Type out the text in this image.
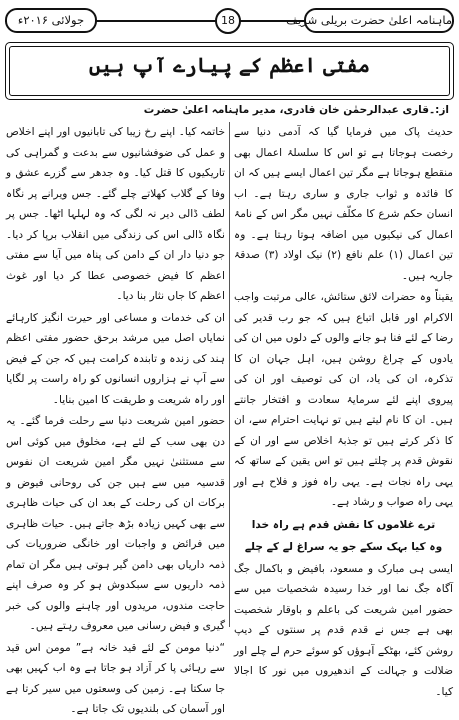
ماہنامہ اعلیٰ حضرت بریلی شریف
18
جولائی ۲۰۱۶ء
مفتی اعظم کے پیارے آپ ہیں
از:۔قاری عبدالرحمٰن خان قادری، مدیر ماہنامہ اعلیٰ حضرت

حدیث پاک میں فرمایا گیا کہ آدمی دنیا سے رخصت ہوجاتا ہے تو اس کا سلسلۂ اعمال بھی منقطع ہوجاتا ہے مگر تین اعمال ایسے ہیں کہ ان کا فائدہ و ثواب جاری و ساری رہتا ہے۔ اب انسان حکم شرع کا مکلّف نہیں مگر اس کے نامۂ اعمال کی نیکیوں میں اضافہ ہوتا رہتا ہے۔ وہ تین اعمال (۱) علم نافع (۲) نیک اولاد (۳) صدقۂ جاریہ ہیں۔

یقیناً وہ حضرات لائق ستائش، عالی مرتبت واجب الاکرام اور قابل اتباع ہیں کہ جو رب قدیر کی رضا کے لئے فنا ہو جانے والوں کے دلوں میں ان کی یادوں کے چراغ روشن ہیں، اہل جہان ان کا تذکرہ، ان کی یاد، ان کی توصیف اور ان کی پیروی اپنے لئے سرمایۂ سعادت و افتخار جانتے ہیں۔ ان کا نام لیتے ہیں تو نہایت احترام سے، ان کا ذکر کرتے ہیں تو جذبۂ اخلاص سے اور ان کے نقوش قدم پر چلتے ہیں تو اس یقین کے ساتھ کہ یہی راہ نجات ہے۔ یہی راہ فوز و فلاح ہے اور یہی راہ صواب و رشاد ہے۔

ترے غلاموں کا نقش قدم ہے راہ خدا

وہ کیا بہک سکے جو یہ سراغ لے کے چلے

ایسی ہی مبارک و مسعود، بافیض و باکمال جگ آگاہ جگ نما اور خدا رسیدہ شخصیات میں سے حضور امین شریعت کی باعلم و باوقار شخصیت بھی ہے جس نے قدم قدم پر سنتوں کے دیپ روشن کئے، بھٹکے آہوؤں کو سوئے حرم لے چلے اور ضلالت و جہالت کے اندھیروں میں نور کا اجالا کیا۔

خاتمہ کیا۔ اپنے رخ زیبا کی تابانیوں اور اپنے اخلاص و عمل کی ضوفشانیوں سے بدعت و گمراہی کی تاریکیوں کا قتل کیا۔ وہ جدھر سے گزرے عشق و وفا کے گلاب کھلاتے چلے گئے۔ جس ویرانے پر نگاہ لطف ڈالی دیر نہ لگی کہ وہ لہلہا اٹھا۔ جس پر نگاہ ڈالی اس کی زندگی میں انقلاب برپا کر دیا۔ جو دنیا دار ان کے دامن کی پناہ میں آیا سے مفتی اعظم کا فیض خصوصی عطا کر دیا اور غوث اعظم کا جاں نثار بنا دیا۔

ان کی خدمات و مساعی اور حیرت انگیز کارہائے نمایاں اصل میں مرشد برحق حضور مفتی اعظم ہند کی زندہ و تابندہ کرامت ہیں کہ جن کے فیض سے آپ نے ہزاروں انسانوں کو راہ راست پر لگایا اور راہ شریعت و طریقت کا امین بنایا۔

حضور امین شریعت دنیا سے رحلت فرما گئے۔ یہ دن بھی سب کے لئے ہے، مخلوق میں کوئی اس سے مستثنیٰ نہیں مگر امین شریعت ان نفوس قدسیہ میں سے ہیں جن کی روحانی فیوض و برکات ان کی رحلت کے بعد ان کی حیات ظاہری سے بھی کہیں زیادہ بڑھ جاتے ہیں۔ حیات ظاہری میں فرائض و واجبات اور خانگی ضروریات کی ذمہ داریاں بھی دامن گیر ہوتی ہیں مگر ان تمام ذمہ داریوں سے سبکدوش ہو کر وہ صرف اپنے حاجت مندوں، مریدوں اور چاہنے والوں کی خبر گیری و فیض رسانی میں معروف رہتے ہیں۔

“دنیا مومن کے لئے قید خانہ ہے” مومن اس قید سے رہائی پا کر آزاد ہو جاتا ہے وہ اب کہیں بھی جا سکتا ہے۔ زمین کی وسعتوں میں سیر کرتا ہے اور آسمان کی بلندیوں تک جاتا ہے۔
